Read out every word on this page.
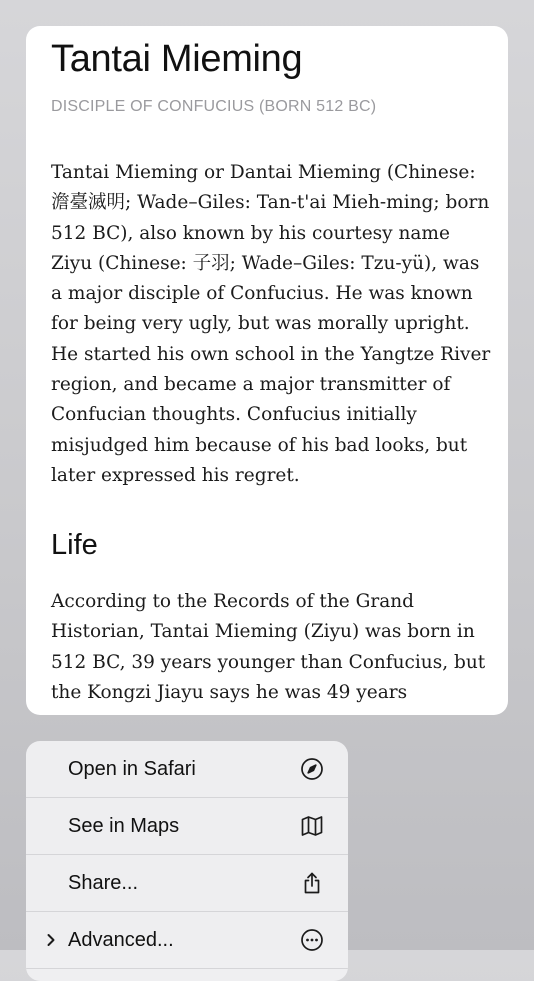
Tantai Mieming
DISCIPLE OF CONFUCIUS (BORN 512 BC)

Tantai Mieming or Dantai Mieming (Chinese: 澹臺滅明; Wade–Giles: Tan-t'ai Mieh-ming; born 512 BC), also known by his courtesy name Ziyu (Chinese: 子羽; Wade–Giles: Tzu-yü), was a major disciple of Confucius. He was known for being very ugly, but was morally upright. He started his own school in the Yangtze River region, and became a major transmitter of Confucian thoughts. Confucius initially misjudged him because of his bad looks, but later expressed his regret.

Life

According to the Records of the Grand Historian, Tantai Mieming (Ziyu) was born in 512 BC, 39 years younger than Confucius, but the Kongzi Jiayu says he was 49 years

Open in Safari
See in Maps
Share...
Advanced...
